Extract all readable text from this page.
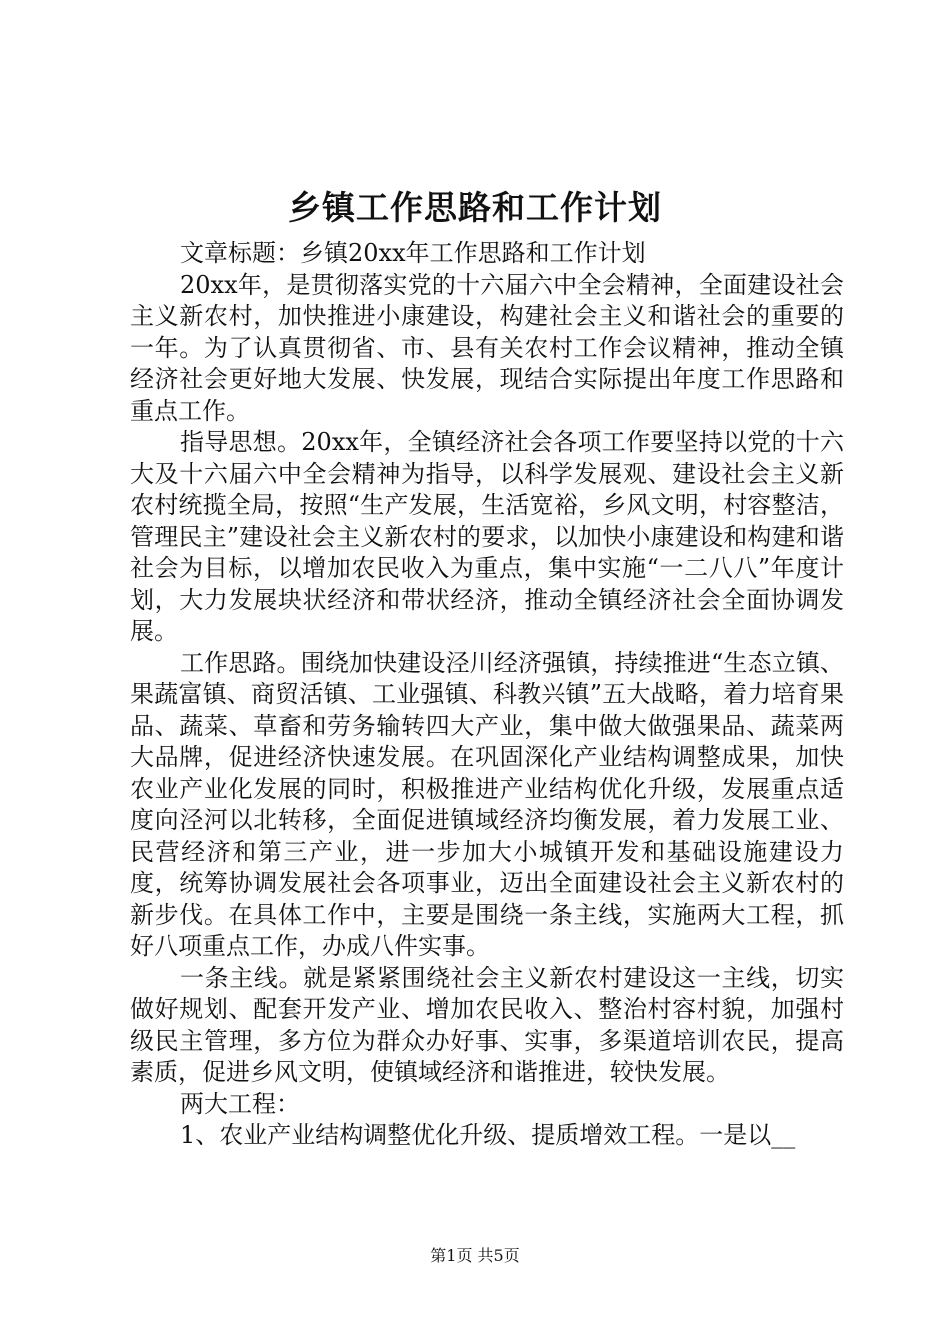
乡镇工作思路和工作计划

文章标题：乡镇20xx年工作思路和工作计划

20xx年，是贯彻落实党的十六届六中全会精神，全面建设社会主义新农村，加快推进小康建设，构建社会主义和谐社会的重要的一年。为了认真贯彻省、市、县有关农村工作会议精神，推动全镇经济社会更好地大发展、快发展，现结合实际提出年度工作思路和重点工作。

指导思想。20xx年，全镇经济社会各项工作要坚持以党的十六大及十六届六中全会精神为指导，以科学发展观、建设社会主义新农村统揽全局，按照“生产发展，生活宽裕，乡风文明，村容整洁，管理民主”建设社会主义新农村的要求，以加快小康建设和构建和谐社会为目标，以增加农民收入为重点，集中实施“一二八八”年度计划，大力发展块状经济和带状经济，推动全镇经济社会全面协调发展。

工作思路。围绕加快建设泾川经济强镇，持续推进“生态立镇、果蔬富镇、商贸活镇、工业强镇、科教兴镇”五大战略，着力培育果品、蔬菜、草畜和劳务输转四大产业，集中做大做强果品、蔬菜两大品牌，促进经济快速发展。在巩固深化产业结构调整成果，加快农业产业化发展的同时，积极推进产业结构优化升级，发展重点适度向泾河以北转移，全面促进镇域经济均衡发展，着力发展工业、民营经济和第三产业，进一步加大小城镇开发和基础设施建设力度，统筹协调发展社会各项事业，迈出全面建设社会主义新农村的新步伐。在具体工作中，主要是围绕一条主线，实施两大工程，抓好八项重点工作，办成八件实事。

一条主线。就是紧紧围绕社会主义新农村建设这一主线，切实做好规划、配套开发产业、增加农民收入、整治村容村貌，加强村级民主管理，多方位为群众办好事、实事，多渠道培训农民，提高素质，促进乡风文明，使镇域经济和谐推进，较快发展。

两大工程：

1、农业产业结构调整优化升级、提质增效工程。一是以__

第1页 共5页
